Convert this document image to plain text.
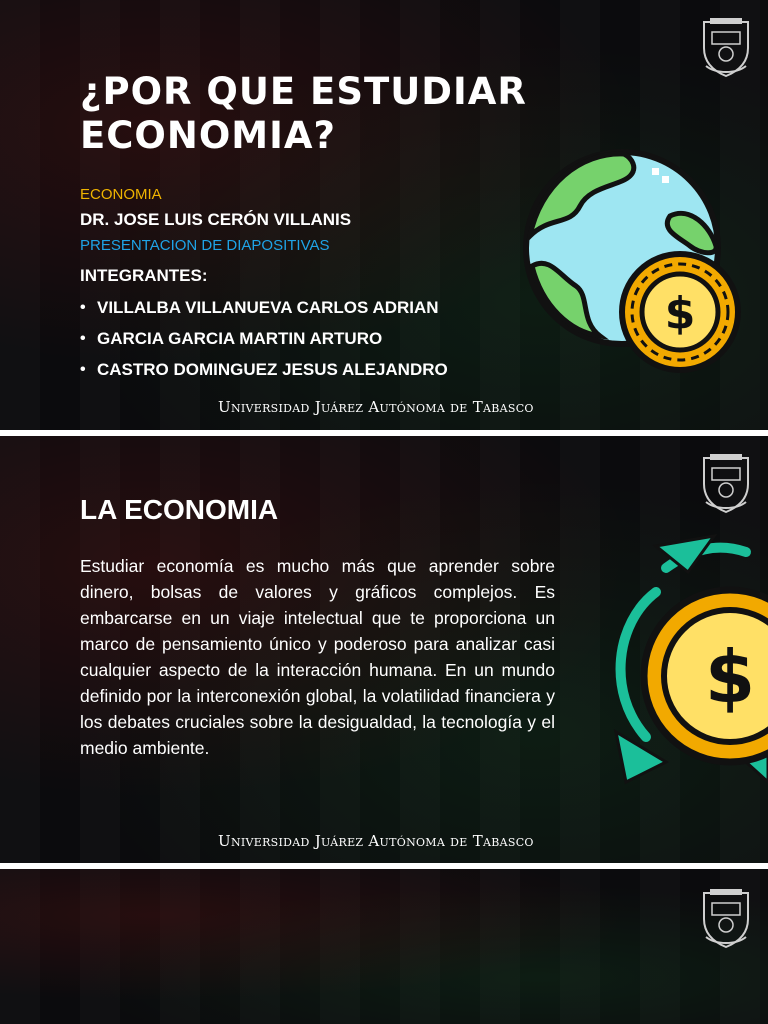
¿POR QUE ESTUDIAR
ECONOMIA?
ECONOMIA
DR. JOSE LUIS CERÓN VILLANIS
PRESENTACION DE DIAPOSITIVAS
INTEGRANTES:
• VILLALBA VILLANUEVA CARLOS ADRIAN
• GARCIA GARCIA MARTIN ARTURO
• CASTRO DOMINGUEZ JESUS ALEJANDRO
Universidad Juárez Autónoma de Tabasco
$
LA ECONOMIA

Estudiar economía es mucho más que aprender sobre dinero, bolsas de valores y gráficos complejos. Es embarcarse en un viaje intelectual que te proporciona un marco de pensamiento único y poderoso para analizar casi cualquier aspecto de la interacción humana. En un mundo definido por la interconexión global, la volatilidad financiera y los debates cruciales sobre la desigualdad, la tecnología y el medio ambiente.

Universidad Juárez Autónoma de Tabasco
$
